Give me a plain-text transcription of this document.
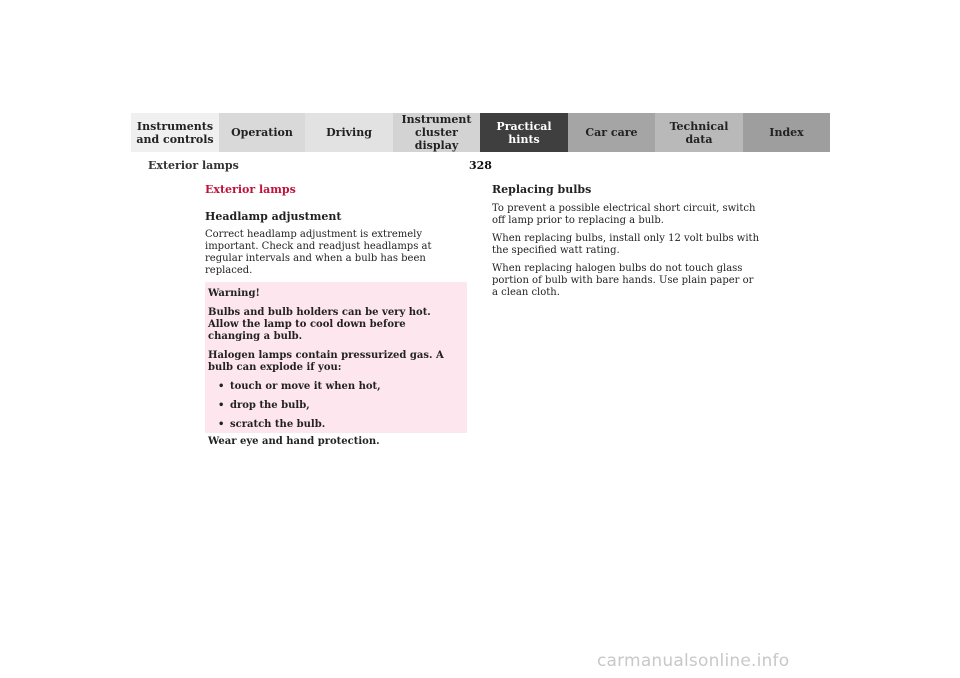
Instruments
and controls Operation	Driving
Instrument
cluster display
Practical hints	Car care	Technical
data	Index
Exterior lamps	328
Exterior lamps
Headlamp adjustment

Correct headlamp adjustment is extremely important. Check and readjust headlamps at regular intervals and when a bulb has been replaced.

Warning!

Bulbs and bulb holders can be very hot. Allow the lamp to cool down before changing a bulb.

Halogen lamps contain pressurized gas. A bulb can explode if you:

• touch or move it when hot,
• drop the bulb,
• scratch the bulb.

Wear eye and hand protection.

Replacing bulbs

To prevent a possible electrical short circuit, switch off lamp prior to replacing a bulb.

When replacing bulbs, install only 12 volt bulbs with the specified watt rating.

When replacing halogen bulbs do not touch glass portion of bulb with bare hands. Use plain paper or a clean cloth.

carmanualsonline.info
